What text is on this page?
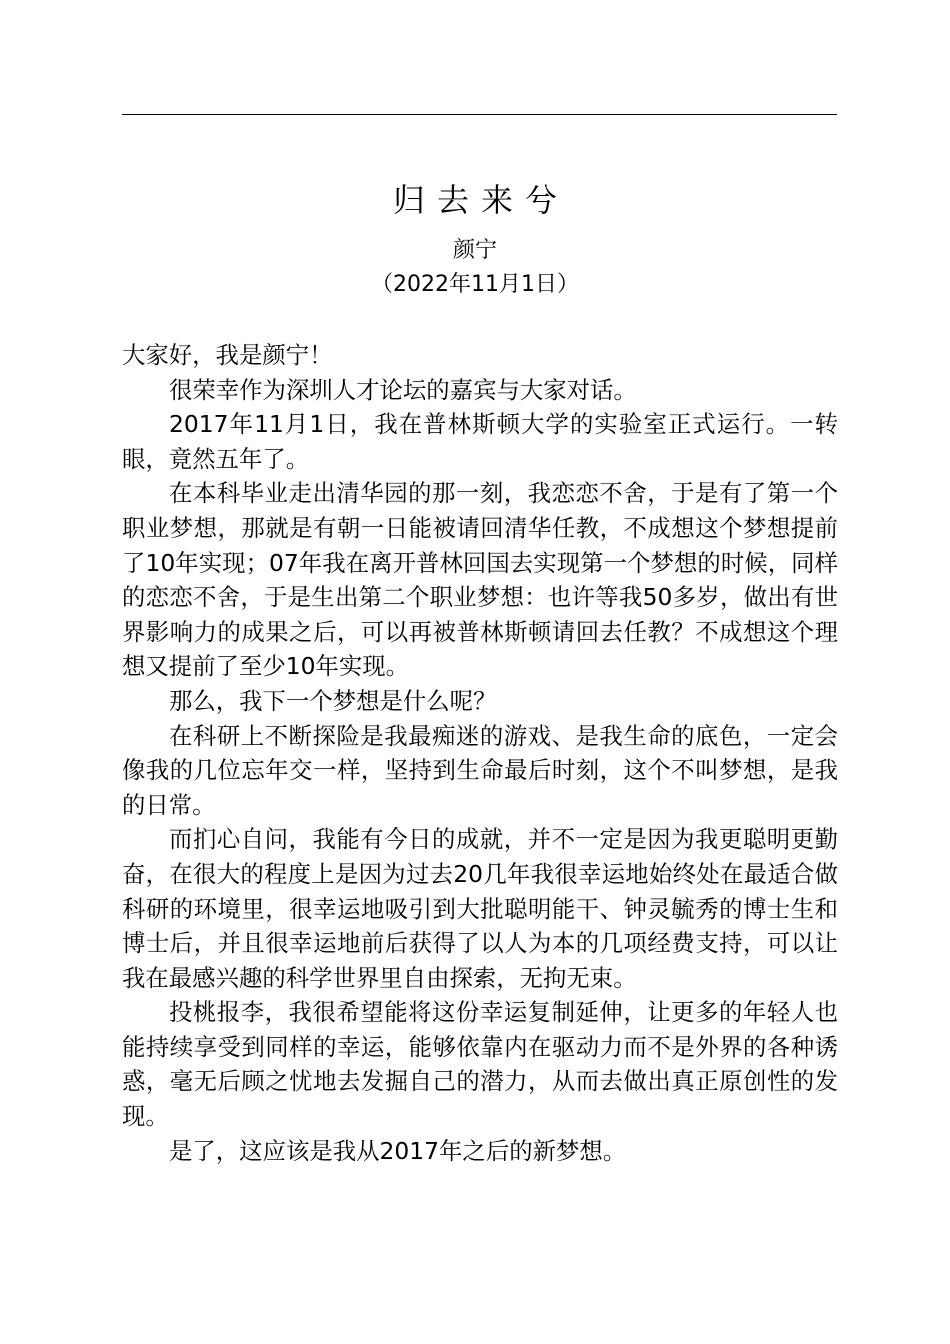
归去来兮
颜宁
（2022年11月1日）

大家好，我是颜宁！

很荣幸作为深圳人才论坛的嘉宾与大家对话。

2017年11月1日，我在普林斯顿大学的实验室正式运行。一转眼，竟然五年了。

在本科毕业走出清华园的那一刻，我恋恋不舍，于是有了第一个职业梦想，那就是有朝一日能被请回清华任教，不成想这个梦想提前了10年实现；07年我在离开普林回国去实现第一个梦想的时候，同样的恋恋不舍，于是生出第二个职业梦想：也许等我50多岁，做出有世界影响力的成果之后，可以再被普林斯顿请回去任教？不成想这个理想又提前了至少10年实现。

那么，我下一个梦想是什么呢？

在科研上不断探险是我最痴迷的游戏、是我生命的底色，一定会像我的几位忘年交一样，坚持到生命最后时刻，这个不叫梦想，是我的日常。

而扪心自问，我能有今日的成就，并不一定是因为我更聪明更勤奋，在很大的程度上是因为过去20几年我很幸运地始终处在最适合做科研的环境里，很幸运地吸引到大批聪明能干、钟灵毓秀的博士生和博士后，并且很幸运地前后获得了以人为本的几项经费支持，可以让我在最感兴趣的科学世界里自由探索，无拘无束。

投桃报李，我很希望能将这份幸运复制延伸，让更多的年轻人也能持续享受到同样的幸运，能够依靠内在驱动力而不是外界的各种诱惑，毫无后顾之忧地去发掘自己的潜力，从而去做出真正原创性的发现。

是了，这应该是我从2017年之后的新梦想。
